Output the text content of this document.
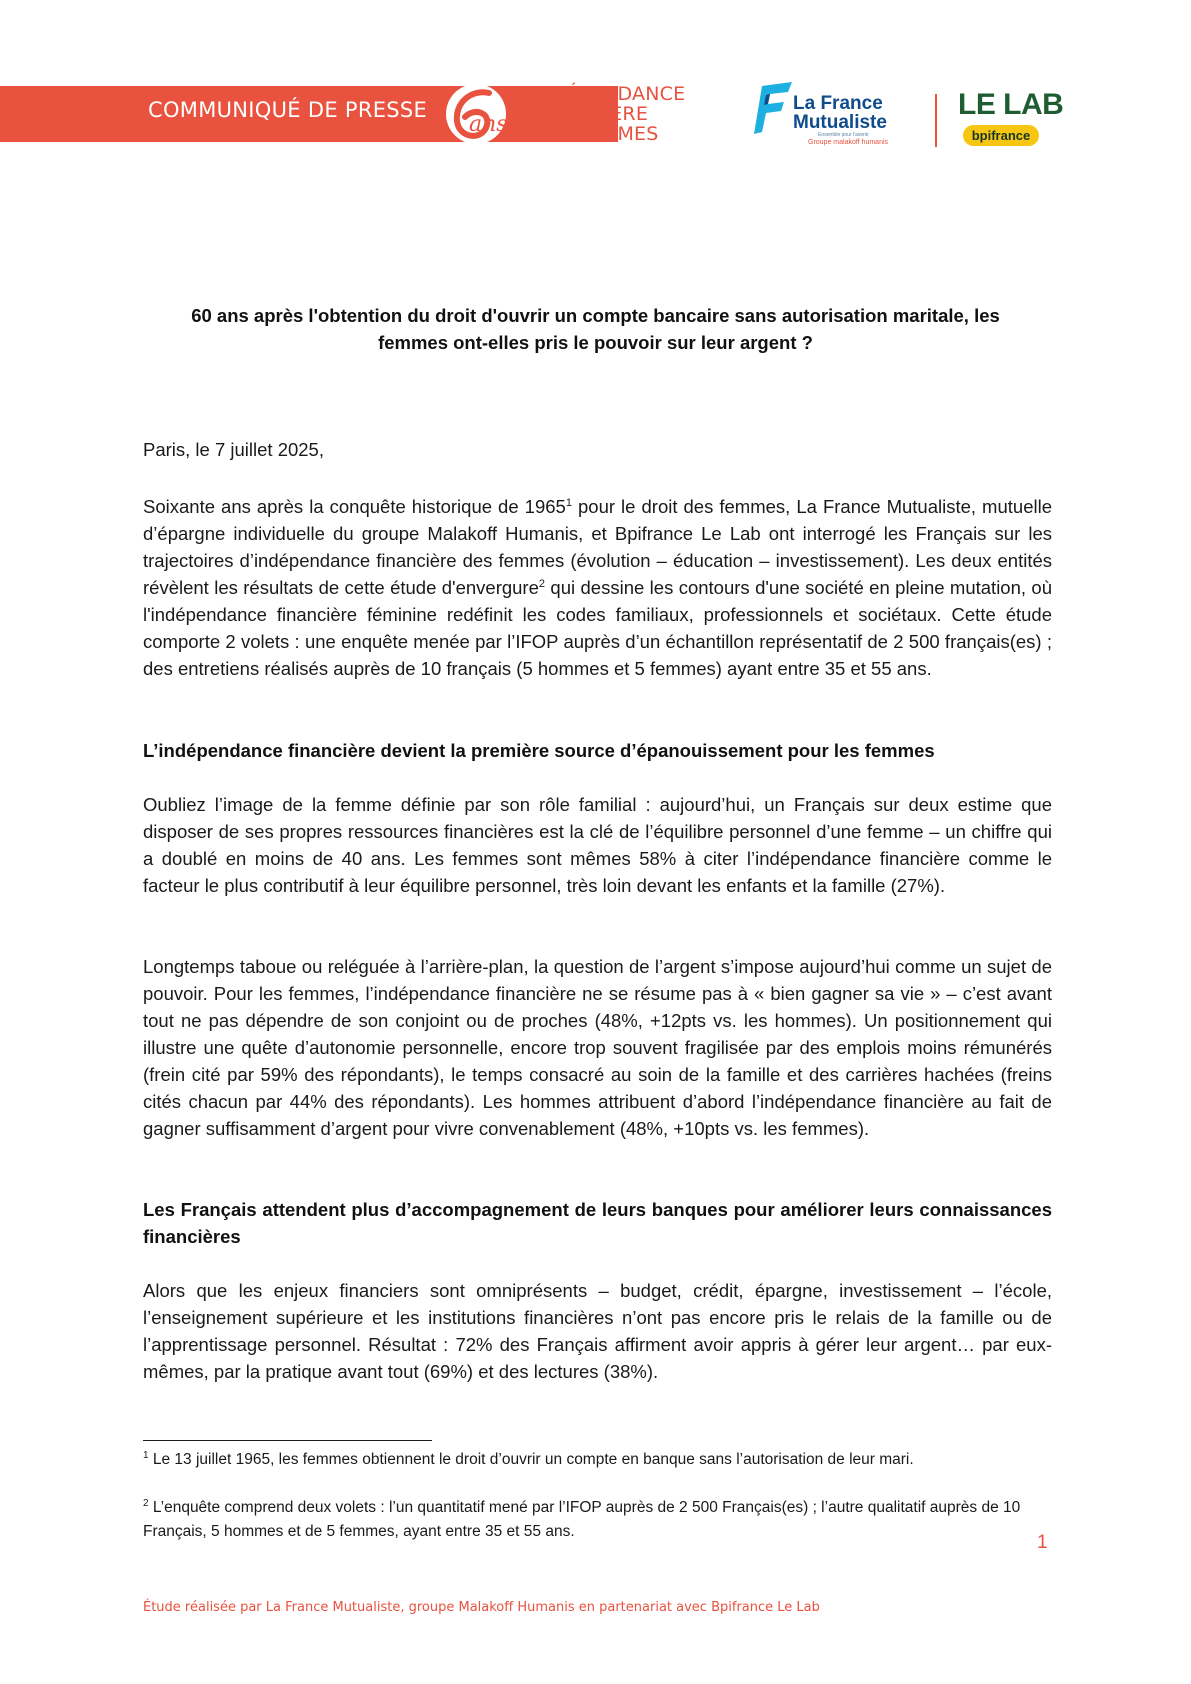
COMMUNIQUÉ DE PRESSE
ans
INDÉPENDANCE
FINANCIÈRE
DES FEMMES
La France
Mutualiste
Ensemble pour l'avenir
Groupe malakoff humanis
LE LAB
bpifrance
60 ans après l'obtention du droit d'ouvrir un compte bancaire sans autorisation maritale, les
femmes ont-elles pris le pouvoir sur leur argent ?
Paris, le 7 juillet 2025,
Soixante ans après la conquête historique de 1965$^1$ pour le droit des femmes, La France Mutualiste, mutuelle d’épargne individuelle du groupe Malakoff Humanis, et Bpifrance Le Lab ont interrogé les Français sur les trajectoires d’indépendance financière des femmes (évolution – éducation – investissement). Les deux entités révèlent les résultats de cette étude d'envergure$^2$ qui dessine les contours d'une société en pleine mutation, où l'indépendance financière féminine redéfinit les codes familiaux, professionnels et sociétaux. Cette étude comporte 2 volets : une enquête menée par l’IFOP auprès d’un échantillon représentatif de 2 500 français(es) ; des entretiens réalisés auprès de 10 français (5 hommes et 5 femmes) ayant entre 35 et 55 ans.
L’indépendance financière devient la première source d’épanouissement pour les femmes
Oubliez l’image de la femme définie par son rôle familial : aujourd’hui, un Français sur deux estime que disposer de ses propres ressources financières est la clé de l’équilibre personnel d’une femme – un chiffre qui a doublé en moins de 40 ans. Les femmes sont mêmes 58% à citer l’indépendance financière comme le facteur le plus contributif à leur équilibre personnel, très loin devant les enfants et la famille (27%).
Longtemps taboue ou reléguée à l’arrière-plan, la question de l’argent s’impose aujourd’hui comme un sujet de pouvoir. Pour les femmes, l’indépendance financière ne se résume pas à « bien gagner sa vie » – c’est avant tout ne pas dépendre de son conjoint ou de proches (48%, +12pts vs. les hommes). Un positionnement qui illustre une quête d’autonomie personnelle, encore trop souvent fragilisée par des emplois moins rémunérés (frein cité par 59% des répondants), le temps consacré au soin de la famille et des carrières hachées (freins cités chacun par 44% des répondants). Les hommes attribuent d’abord l’indépendance financière au fait de gagner suffisamment d’argent pour vivre convenablement (48%, +10pts vs. les femmes).
Les Français attendent plus d’accompagnement de leurs banques pour améliorer leurs connaissances financières
Alors que les enjeux financiers sont omniprésents – budget, crédit, épargne, investissement – l’école, l’enseignement supérieure et les institutions financières n’ont pas encore pris le relais de la famille ou de l’apprentissage personnel. Résultat : 72% des Français affirment avoir appris à gérer leur argent… par eux-mêmes, par la pratique avant tout (69%) et des lectures (38%).
$^1$ Le 13 juillet 1965, les femmes obtiennent le droit d’ouvrir un compte en banque sans l’autorisation de leur mari.
$^2$ L’enquête comprend deux volets : l’un quantitatif mené par l’IFOP auprès de 2 500 Français(es) ; l’autre qualitatif auprès de 10 Français, 5 hommes et de 5 femmes, ayant entre 35 et 55 ans.
1
Étude réalisée par La France Mutualiste, groupe Malakoff Humanis en partenariat avec Bpifrance Le Lab
